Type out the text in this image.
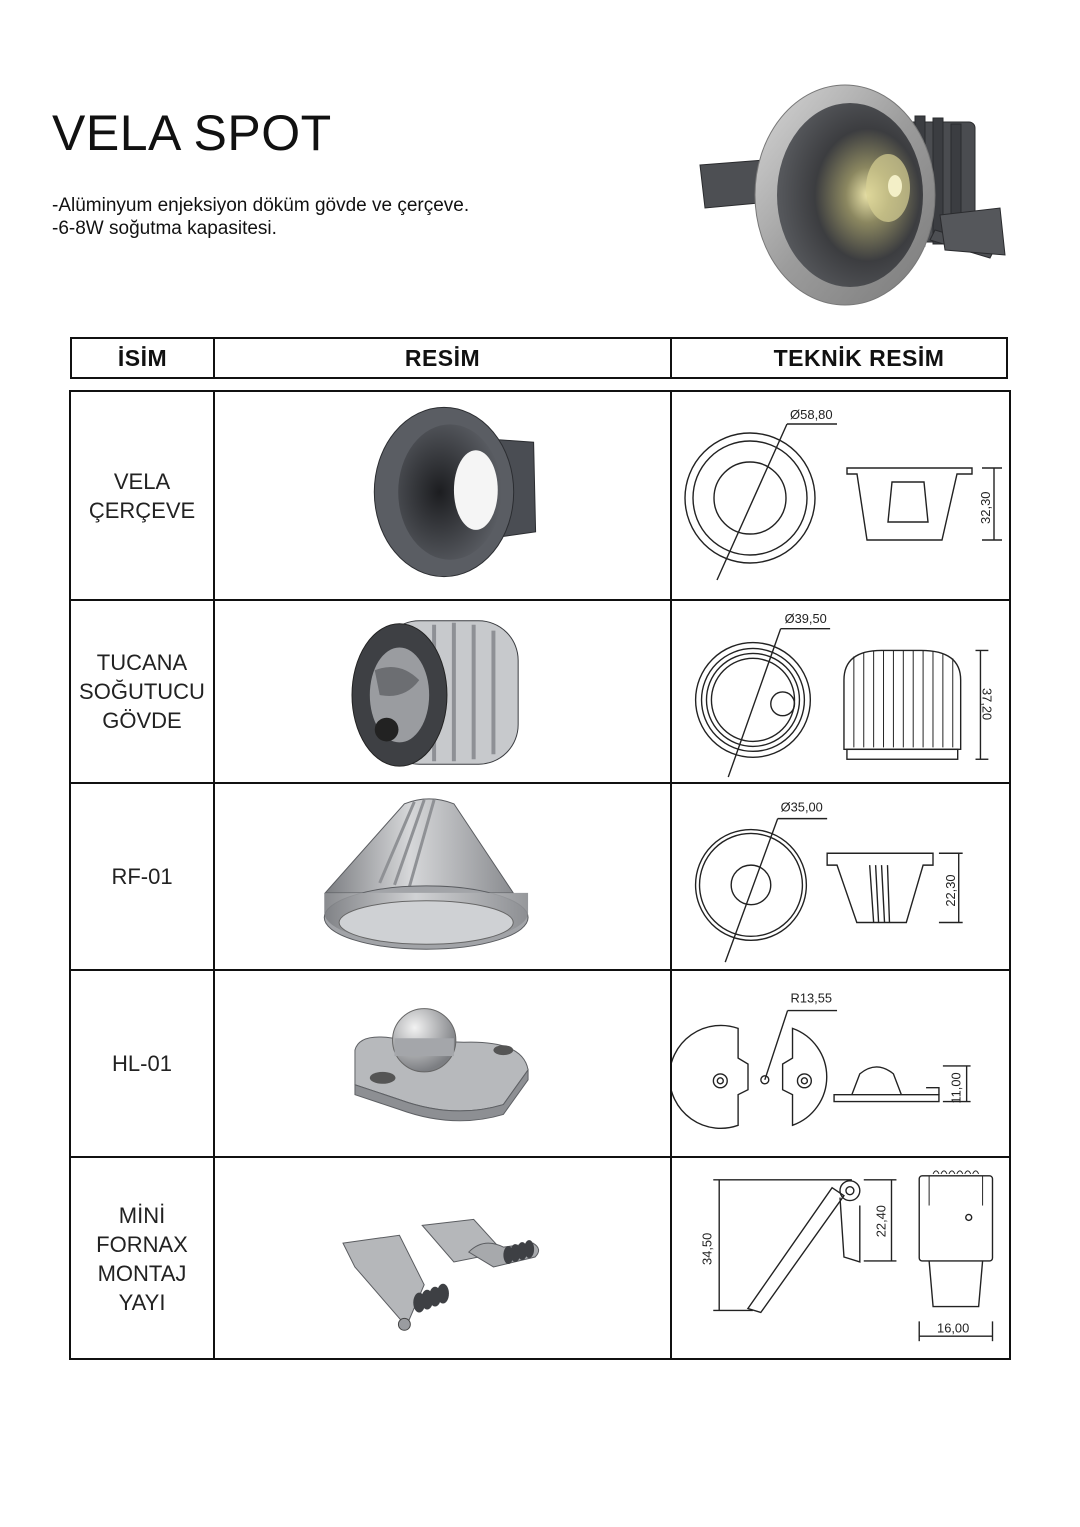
VELA SPOT
-Alüminyum enjeksiyon döküm gövde ve çerçeve.
-6-8W soğutma kapasitesi.
İSİM	RESİM	TEKNİK RESİM
VELA
ÇERÇEVE
Ø58,80
32,30
TUCANA
SOĞUTUCU
GÖVDE
37,20
Ø39,50
RF-01
Ø35,00
22,30
HL-01
R13,55
11,00
MİNİ
FORNAX
MONTAJ
YAYI
34,50
22,40
16,00
